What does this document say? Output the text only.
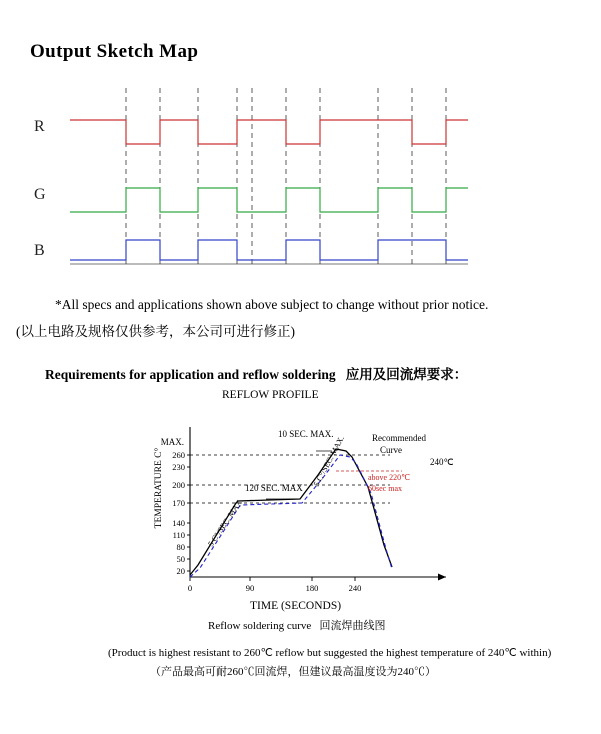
Output Sketch Map
R
G
B
*All specs and applications shown above subject to change without prior notice.
(以上电路及规格仅供参考，本公司可进行修正)
Requirements for application and reflow soldering 应用及回流焊要求：
REFLOW PROFILE
20
50
80
110
140
170
200
230
260
MAX.
0	90	180	240
5 C°/SEC. MAX.
5 C°/SEC. MAX.
10 SEC. MAX.
120 SEC. MAX
Recommended
Curve
240℃
above 220℃
60sec max
TEMPERATURE C°
TIME (SECONDS)
Reflow soldering curve 回流焊曲线图
(Product is highest resistant to 260℃ reflow but suggested the highest temperature of 240℃ within)
（产品最高可耐260℃回流焊，但建议最高温度设为240℃）
